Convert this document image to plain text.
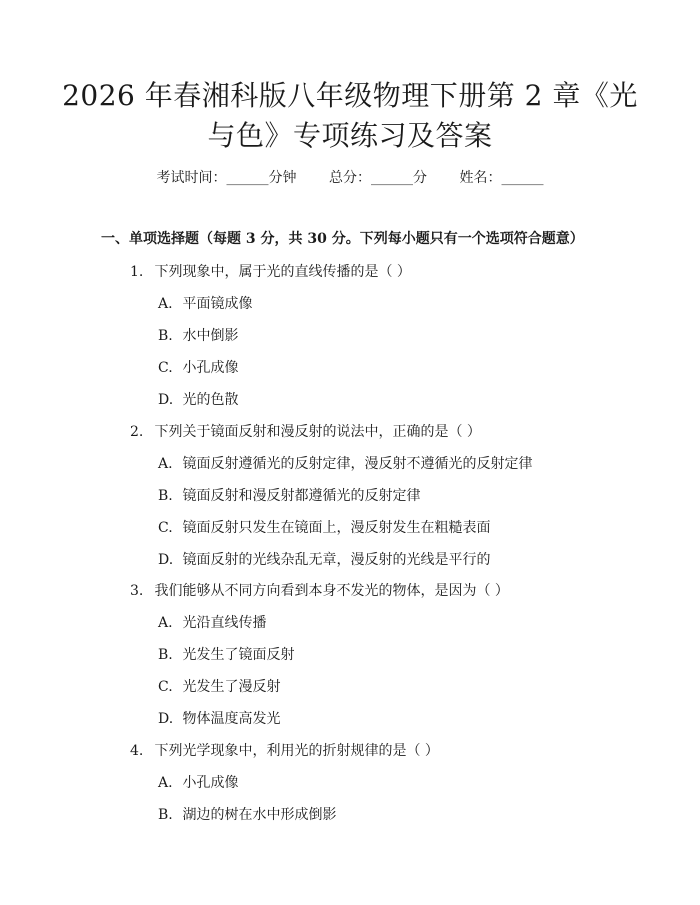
2026 年春湘科版八年级物理下册第 2 章《光
与色》专项练习及答案
考试时间：______分钟 总分：______分 姓名：______
一、单项选择题（每题 3 分，共 30 分。下列每小题只有一个选项符合题意）
1. 下列现象中，属于光的直线传播的是（ ）
A. 平面镜成像
B. 水中倒影
C. 小孔成像
D. 光的色散
2. 下列关于镜面反射和漫反射的说法中，正确的是（ ）
A. 镜面反射遵循光的反射定律，漫反射不遵循光的反射定律
B. 镜面反射和漫反射都遵循光的反射定律
C. 镜面反射只发生在镜面上，漫反射发生在粗糙表面
D. 镜面反射的光线杂乱无章，漫反射的光线是平行的
3. 我们能够从不同方向看到本身不发光的物体，是因为（ ）
A. 光沿直线传播
B. 光发生了镜面反射
C. 光发生了漫反射
D. 物体温度高发光
4. 下列光学现象中，利用光的折射规律的是（ ）
A. 小孔成像
B. 湖边的树在水中形成倒影
